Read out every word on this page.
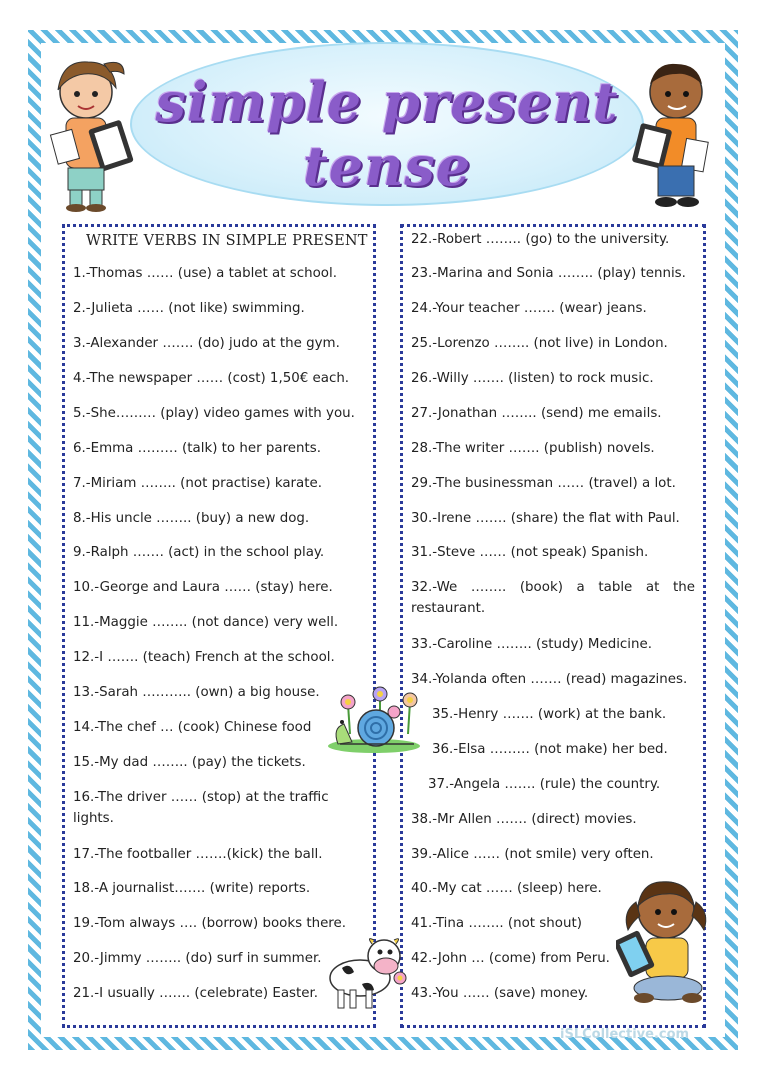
simple present tense
WRITE VERBS IN SIMPLE PRESENT
1.-Thomas …… (use) a tablet at school.
2.-Julieta …… (not like) swimming.
3.-Alexander ……. (do) judo at the gym.
4.-The newspaper …… (cost) 1,50€ each.
5.-She……… (play) video games with you.
6.-Emma ……… (talk) to her parents.
7.-Miriam …….. (not practise) karate.
8.-His uncle …….. (buy) a new dog.
9.-Ralph ……. (act) in the school play.
10.-George and Laura …… (stay) here.
11.-Maggie …….. (not dance) very well.
12.-I ……. (teach) French at the school.
13.-Sarah ……….. (own) a big house.
14.-The chef … (cook) Chinese food
15.-My dad …….. (pay) the tickets.
16.-The driver …… (stop) at the traffic lights.
17.-The footballer …….(kick) the ball.
18.-A journalist……. (write) reports.
19.-Tom always …. (borrow) books there.
20.-Jimmy …….. (do) surf in summer.
21.-I usually ……. (celebrate) Easter.
22.-Robert …….. (go) to the university.
23.-Marina and Sonia …….. (play) tennis.
24.-Your teacher ……. (wear) jeans.
25.-Lorenzo …….. (not live) in London.
26.-Willy ……. (listen) to rock music.
27.-Jonathan …….. (send) me emails.
28.-The writer ……. (publish) novels.
29.-The businessman …… (travel) a lot.
30.-Irene ……. (share) the flat with Paul.
31.-Steve …… (not speak) Spanish.
32.-We …….. (book) a table at the restaurant.
33.-Caroline …….. (study) Medicine.
34.-Yolanda often ……. (read) magazines.
35.-Henry ……. (work) at the bank.
36.-Elsa ……… (not make) her bed.
37.-Angela ……. (rule) the country.
38.-Mr Allen ……. (direct) movies.
39.-Alice …… (not smile) very often.
40.-My cat …… (sleep) here.
41.-Tina …….. (not shout)
42.-John … (come) from Peru.
43.-You …… (save) money.
iSLCollective.com
